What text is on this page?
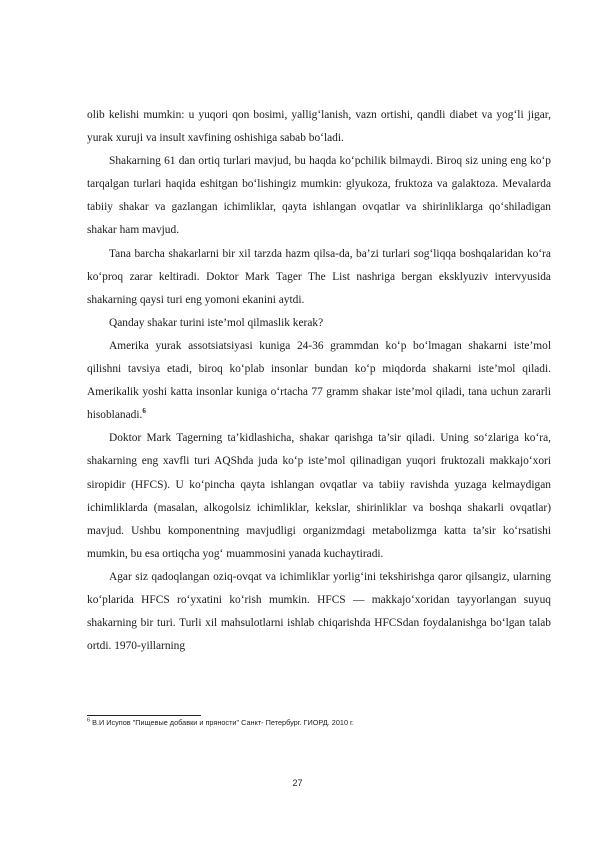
olib kelishi mumkin: u yuqori qon bosimi, yallig‘lanish, vazn ortishi, qandli diabet va yog‘li jigar, yurak xuruji va insult xavfining oshishiga sabab bo‘ladi.

Shakarning 61 dan ortiq turlari mavjud, bu haqda ko‘pchilik bilmaydi. Biroq siz uning eng ko‘p tarqalgan turlari haqida eshitgan bo‘lishingiz mumkin: glyukoza, fruktoza va galaktoza. Mevalarda tabiiy shakar va gazlangan ichimliklar, qayta ishlangan ovqatlar va shirinliklarga qo‘shiladigan shakar ham mavjud.

Tana barcha shakarlarni bir xil tarzda hazm qilsa-da, ba’zi turlari sog‘liqqa boshqalaridan ko‘ra ko‘proq zarar keltiradi. Doktor Mark Tager The List nashriga bergan eksklyuziv intervyusida shakarning qaysi turi eng yomoni ekanini aytdi.

Qanday shakar turini iste’mol qilmaslik kerak?

Amerika yurak assotsiatsiyasi kuniga 24-36 grammdan ko‘p bo‘lmagan shakarni iste’mol qilishni tavsiya etadi, biroq ko‘plab insonlar bundan ko‘p miqdorda shakarni iste’mol qiladi. Amerikalik yoshi katta insonlar kuniga o‘rtacha 77 gramm shakar iste’mol qiladi, tana uchun zararli hisoblanadi.$^6$

Doktor Mark Tagerning ta’kidlashicha, shakar qarishga ta’sir qiladi. Uning so‘zlariga ko‘ra, shakarning eng xavfli turi AQShda juda ko‘p iste’mol qilinadigan yuqori fruktozali makkajo‘xori siropidir (HFCS). U ko‘pincha qayta ishlangan ovqatlar va tabiiy ravishda yuzaga kelmaydigan ichimliklarda (masalan, alkogolsiz ichimliklar, kekslar, shirinliklar va boshqa shakarli ovqatlar) mavjud. Ushbu komponentning mavjudligi organizmdagi metabolizmga katta ta’sir ko‘rsatishi mumkin, bu esa ortiqcha yog‘ muammosini yanada kuchaytiradi.

Agar siz qadoqlangan oziq-ovqat va ichimliklar yorlig‘ini tekshirishga qaror qilsangiz, ularning ko‘plarida HFCS ro‘yxatini ko‘rish mumkin. HFCS — makkajo‘xoridan tayyorlangan suyuq shakarning bir turi. Turli xil mahsulotlarni ishlab chiqarishda HFCSdan foydalanishga bo‘lgan talab ortdi. 1970-yillarning

$^6$ В.И Исупов "Пищевые добавки и пряности" Санкт- Петербург. ГИОРД. 2010 г.
27
